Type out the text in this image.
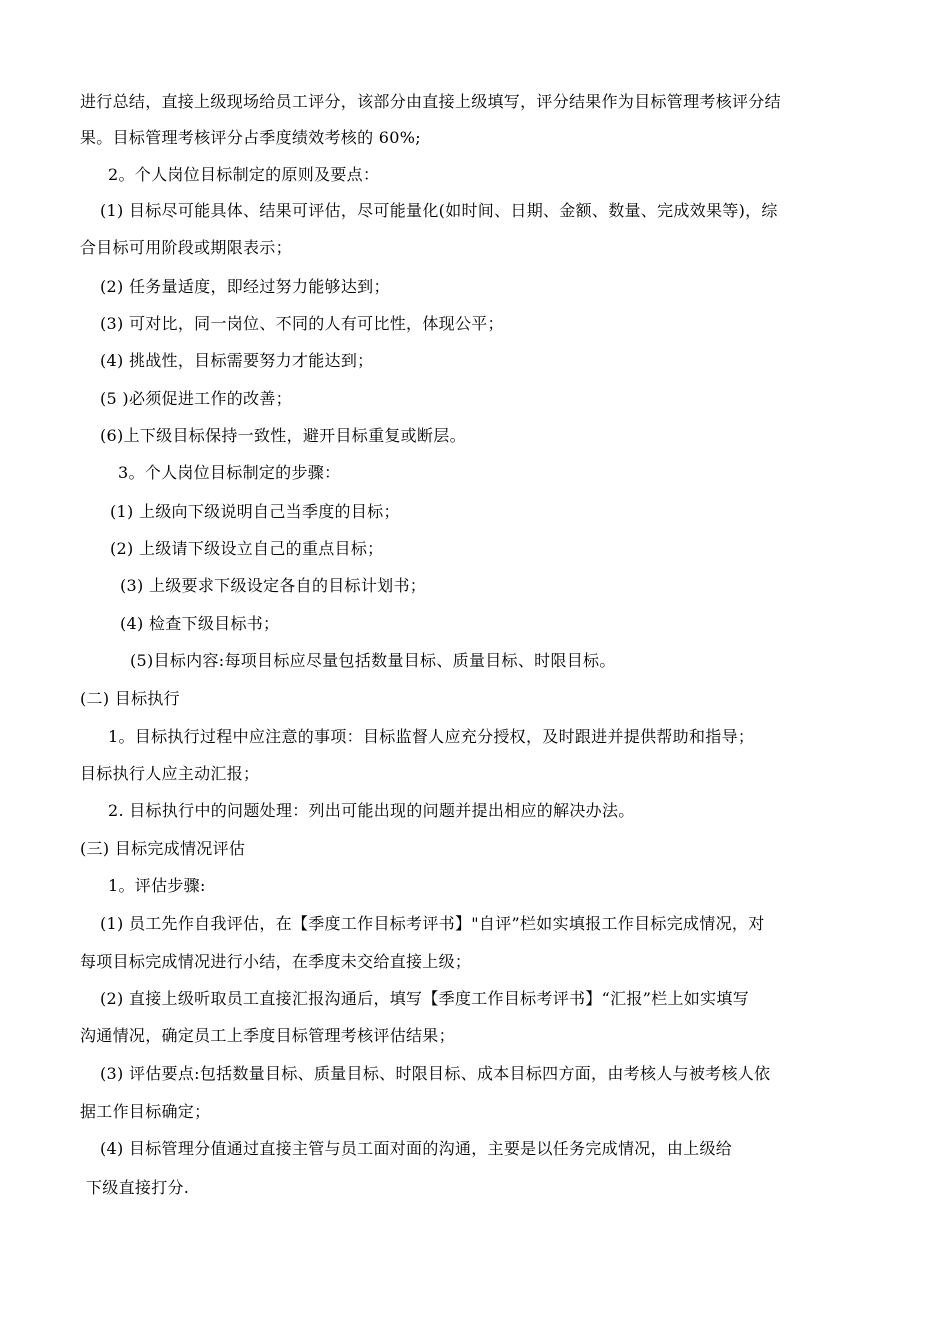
进行总结，直接上级现场给员工评分，该部分由直接上级填写，评分结果作为目标管理考核评分结
果。目标管理考核评分占季度绩效考核的 60%;
2。个人岗位目标制定的原则及要点：
(1) 目标尽可能具体、结果可评估，尽可能量化(如时间、日期、金额、数量、完成效果等)，综
合目标可用阶段或期限表示；
(2) 任务量适度，即经过努力能够达到；
(3) 可对比，同一岗位、不同的人有可比性，体现公平；
(4) 挑战性，目标需要努力才能达到；
(5 )必须促进工作的改善；
(6)上下级目标保持一致性，避开目标重复或断层。
3。个人岗位目标制定的步骤：
(1) 上级向下级说明自己当季度的目标；
(2) 上级请下级设立自己的重点目标；
(3) 上级要求下级设定各自的目标计划书；
(4) 检查下级目标书；
(5)目标内容:每项目标应尽量包括数量目标、质量目标、时限目标。
(二) 目标执行
1。目标执行过程中应注意的事项：目标监督人应充分授权，及时跟进并提供帮助和指导；
目标执行人应主动汇报；
2. 目标执行中的问题处理：列出可能出现的问题并提出相应的解决办法。
(三) 目标完成情况评估
1。评估步骤:
(1) 员工先作自我评估，在【季度工作目标考评书】"自评”栏如实填报工作目标完成情况，对
每项目标完成情况进行小结，在季度未交给直接上级；
(2) 直接上级听取员工直接汇报沟通后，填写【季度工作目标考评书】“汇报”栏上如实填写
沟通情况，确定员工上季度目标管理考核评估结果；
(3) 评估要点:包括数量目标、质量目标、时限目标、成本目标四方面，由考核人与被考核人依
据工作目标确定；
(4) 目标管理分值通过直接主管与员工面对面的沟通，主要是以任务完成情况，由上级给
下级直接打分.
